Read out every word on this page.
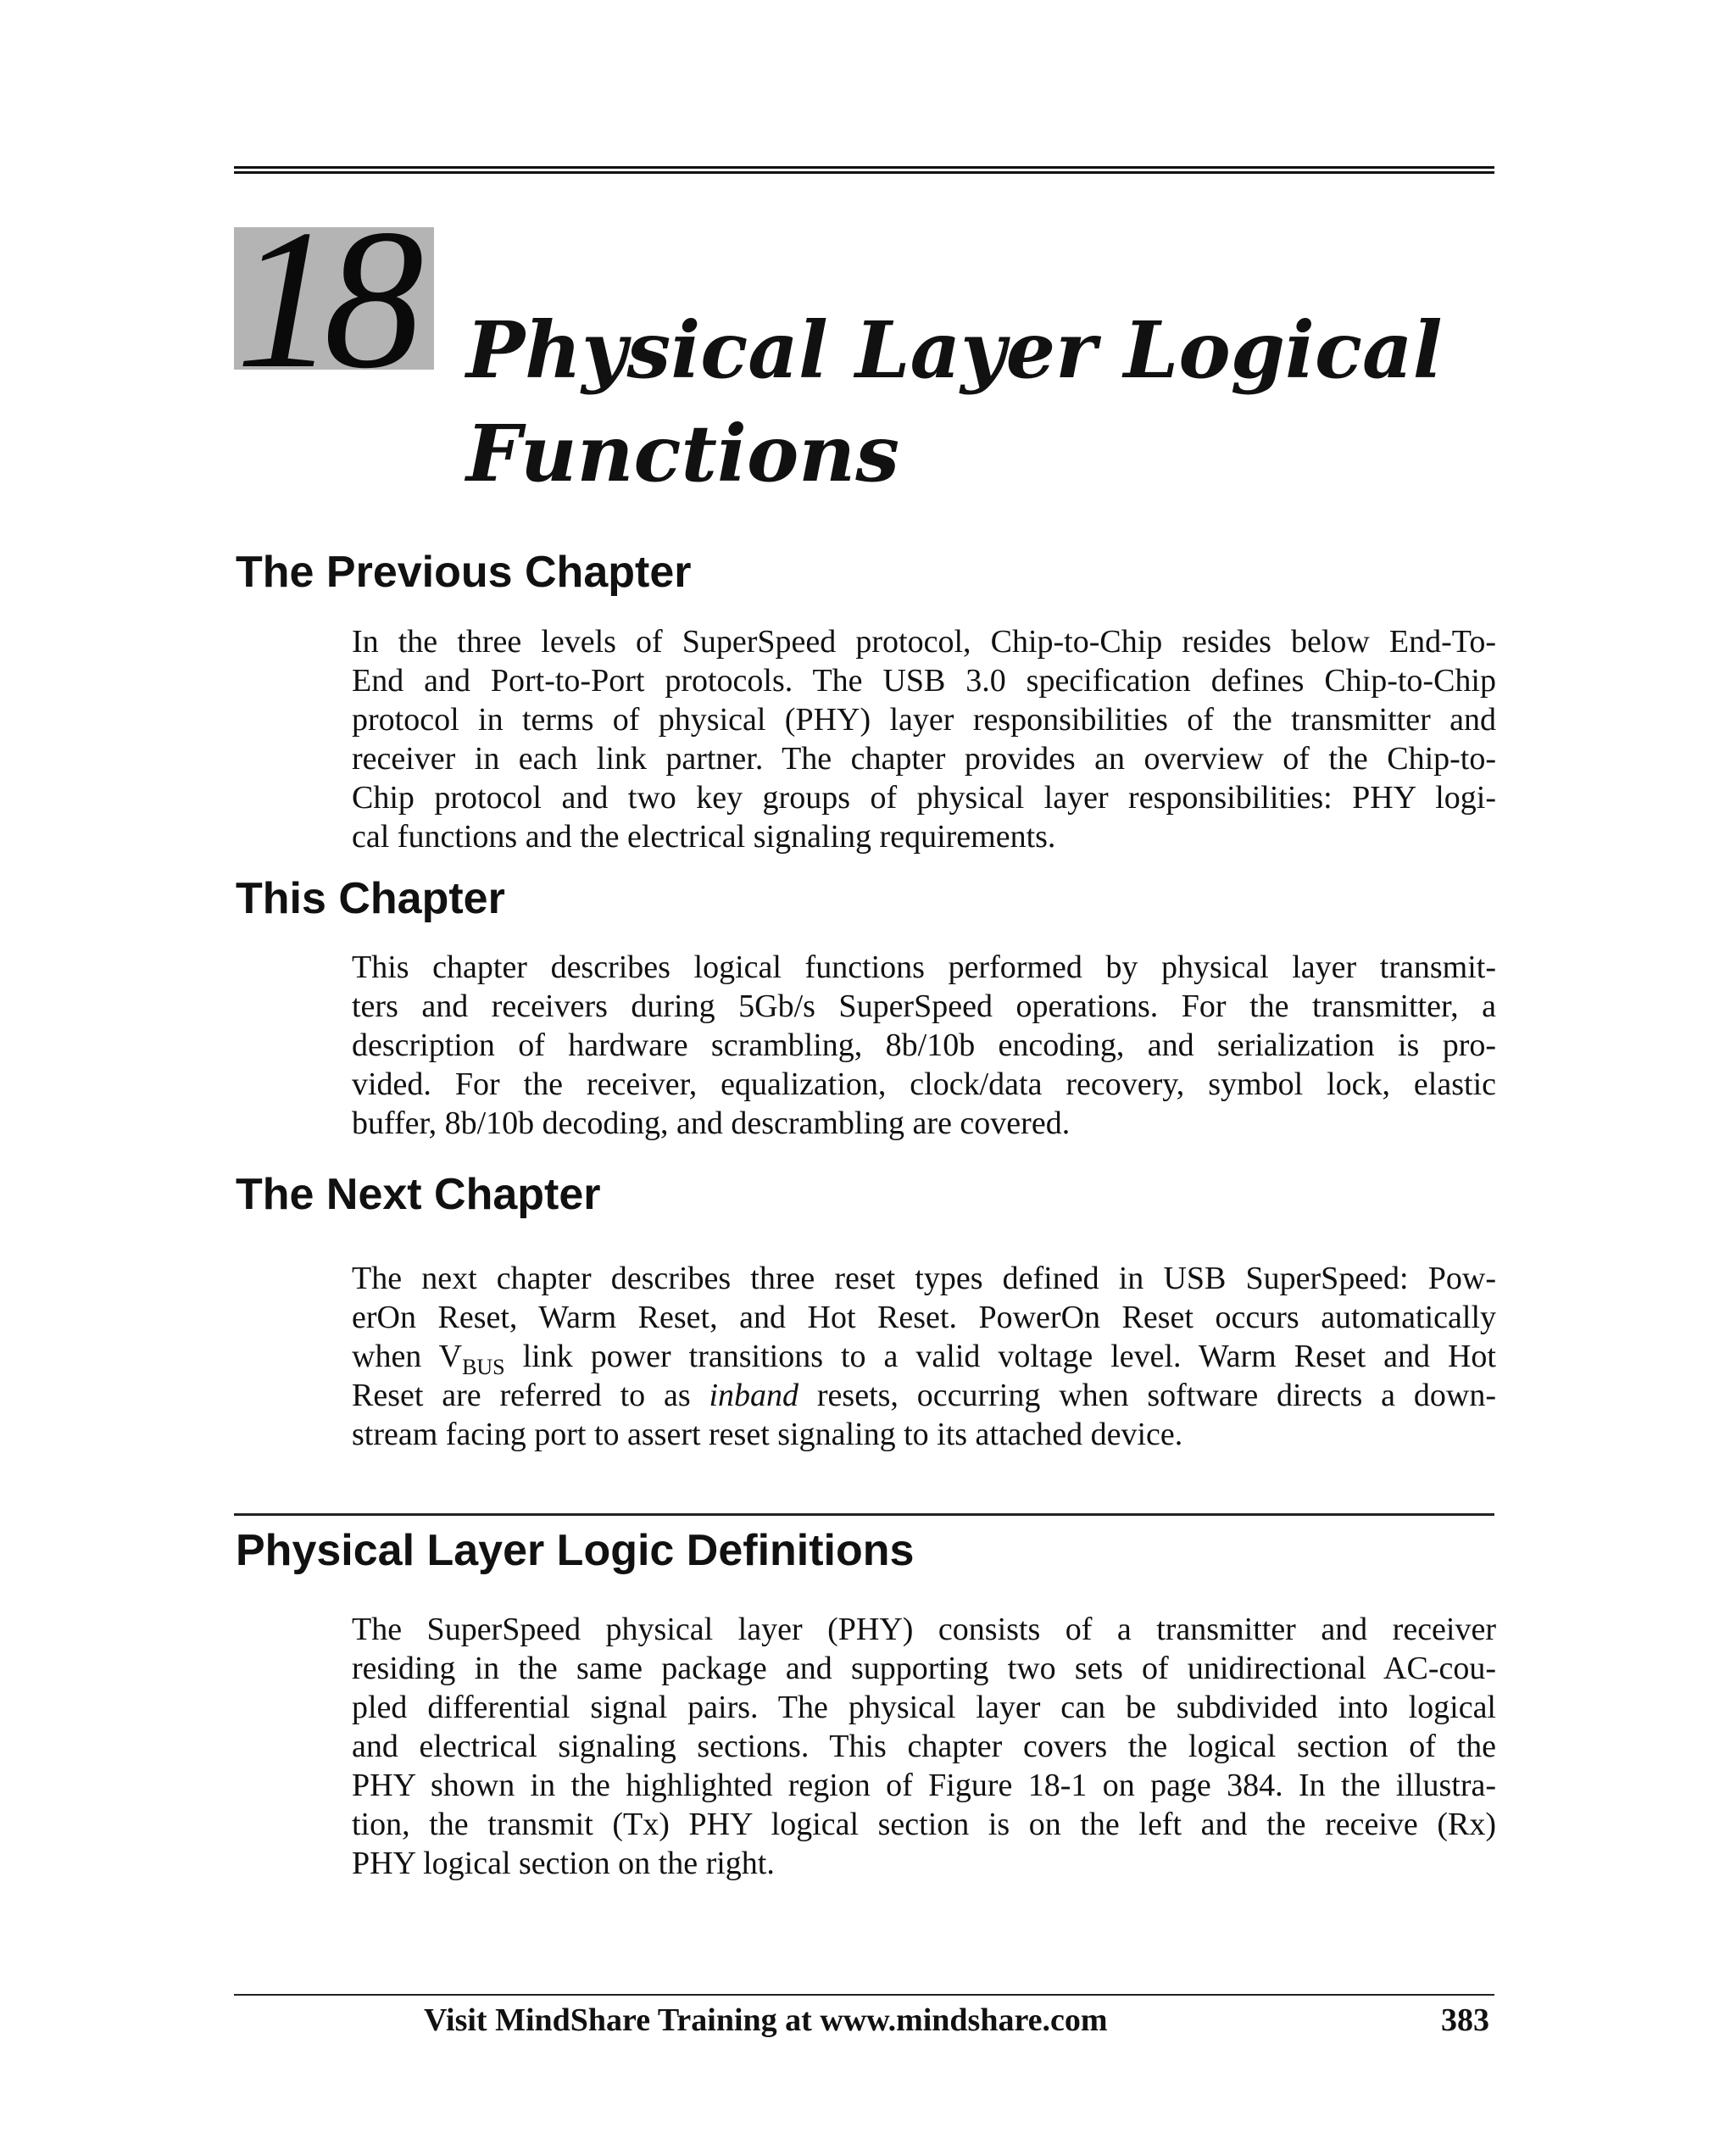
18 Physical Layer Logical
Functions
The Previous Chapter
In the three levels of SuperSpeed protocol, Chip-to-Chip resides below End-To-
End and Port-to-Port protocols. The USB 3.0 specification defines Chip-to-Chip
protocol in terms of physical (PHY) layer responsibilities of the transmitter and
receiver in each link partner. The chapter provides an overview of the Chip-to-
Chip protocol and two key groups of physical layer responsibilities: PHY logi-
cal functions and the electrical signaling requirements.
This Chapter
This chapter describes logical functions performed by physical layer transmit-
ters and receivers during 5Gb/s SuperSpeed operations. For the transmitter, a
description of hardware scrambling, 8b/10b encoding, and serialization is pro-
vided. For the receiver, equalization, clock/data recovery, symbol lock, elastic
buffer, 8b/10b decoding, and descrambling are covered.
The Next Chapter
The next chapter describes three reset types defined in USB SuperSpeed: Pow-
erOn Reset, Warm Reset, and Hot Reset. PowerOn Reset occurs automatically
when $V_{BUS}$ link power transitions to a valid voltage level. Warm Reset and Hot
Reset are referred to as inband resets, occurring when software directs a down-
stream facing port to assert reset signaling to its attached device.
Physical Layer Logic Definitions
The SuperSpeed physical layer (PHY) consists of a transmitter and receiver
residing in the same package and supporting two sets of unidirectional AC-cou-
pled differential signal pairs. The physical layer can be subdivided into logical
and electrical signaling sections. This chapter covers the logical section of the
PHY shown in the highlighted region of Figure 18-1 on page 384. In the illustra-
tion, the transmit (Tx) PHY logical section is on the left and the receive (Rx)
PHY logical section on the right.
Visit MindShare Training at www.mindshare.com	383
